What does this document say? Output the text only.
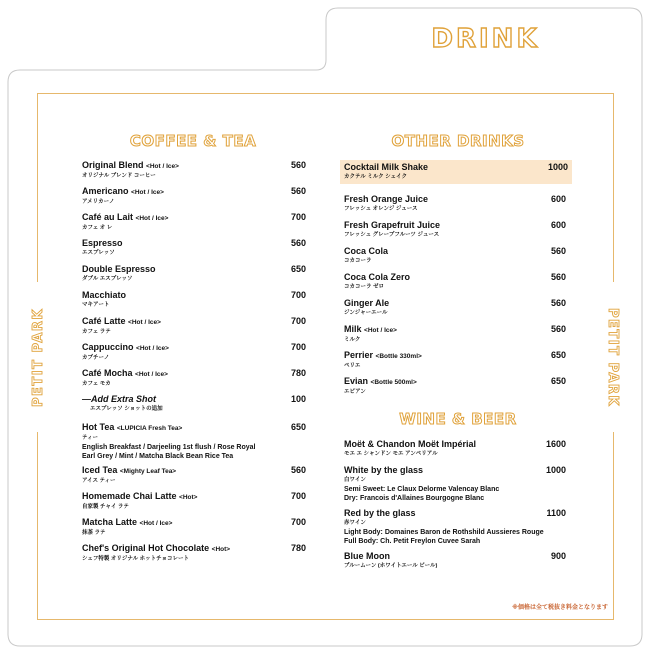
DRINK
PETIT PARK	PETIT PARK
COFFEE & TEA	OTHER DRINKS
WINE & BEER
Original Blend <Hot / Ice>
オリジナル ブレンド コーヒー
560
Americano <Hot / Ice>
アメリカーノ
560
Café au Lait <Hot / Ice>
カフェ オ レ
700
Espresso
エスプレッソ
560
Double Espresso
ダブル エスプレッソ
650
Macchiato
マキアート
700
Café Latte <Hot / Ice>
カフェ ラテ
700
Cappuccino <Hot / Ice>
カプチーノ
700
Café Mocha <Hot / Ice>
カフェ モカ
780
—Add Extra Shot
エスプレッソ ショットの追加
100
Hot Tea <LUPICIA Fresh Tea>
ティー
English Breakfast / Darjeeling 1st flush / Rose Royal
Earl Grey / Mint / Matcha Black Bean Rice Tea
650
Iced Tea <Mighty Leaf Tea>
アイス ティー
560
Homemade Chai Latte <Hot>
自家製 チャイ ラテ
700
Matcha Latte <Hot / Ice>
抹茶 ラテ
700
Chef's Original Hot Chocolate <Hot>
シェフ特製 オリジナル ホットチョコレート
780
Cocktail Milk Shake
カクテル ミルク シェイク
1000
Fresh Orange Juice
フレッシュ オレンジ ジュース
600
Fresh Grapefruit Juice
フレッシュ グレープフルーツ ジュース
600
Coca Cola
コカコーラ
560
Coca Cola Zero
コカコーラ ゼロ
560
Ginger Ale
ジンジャーエール
560
Milk <Hot / Ice>
ミルク
560
Perrier <Bottle 330ml>
ペリエ
650
Evian <Bottle 500ml>
エビアン
650
Moët & Chandon Moët Impérial
モエ エ シャンドン モエ アンペリアル
1600
White by the glass
白ワイン
Semi Sweet: Le Claux Delorme Valencay Blanc
Dry: Francois d'Allaines Bourgogne Blanc
1000
Red by the glass
赤ワイン
Light Body: Domaines Baron de Rothshild Aussieres Rouge
Full Body: Ch. Petit Freylon Cuvee Sarah
1100
Blue Moon
ブルームーン (ホワイトエール ビール)
900
※価格は全て税抜き料金となります
